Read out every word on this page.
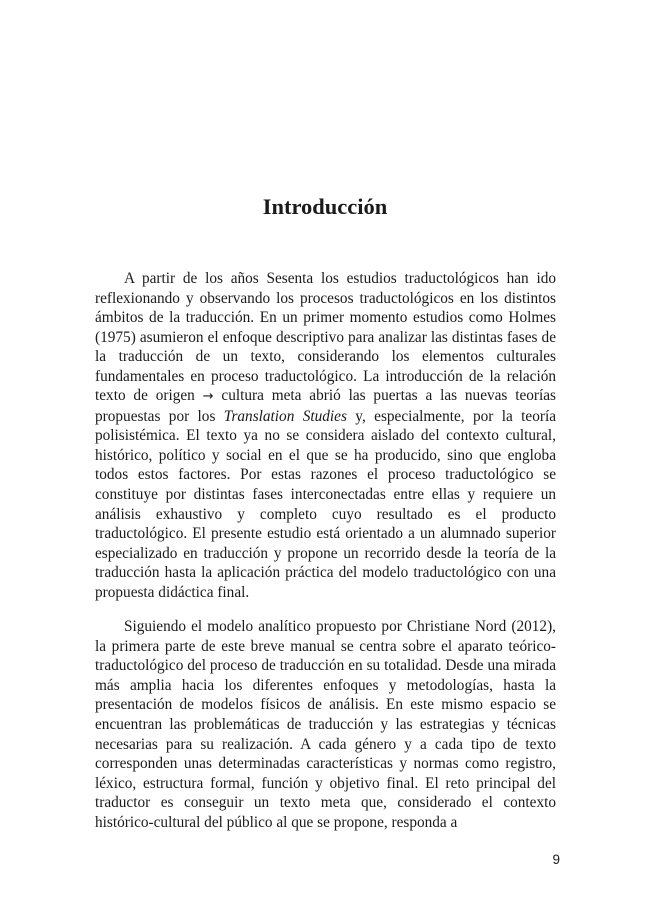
Introducción

A partir de los años Sesenta los estudios traductológicos han ido reflexionando y observando los procesos traductológicos en los distintos ámbitos de la traducción. En un primer momento estudios como Holmes (1975) asumieron el enfoque descriptivo para analizar las distintas fases de la traducción de un texto, considerando los elementos culturales fundamentales en proceso traductológico. La introducción de la relación texto de origen → cultura meta abrió las puertas a las nuevas teorías propuestas por los Translation Studies y, especialmente, por la teoría polisistémica. El texto ya no se considera aislado del contexto cultural, histórico, político y social en el que se ha producido, sino que engloba todos estos factores. Por estas razones el proceso traductológico se constituye por distintas fases interconectadas entre ellas y requiere un análisis exhaustivo y completo cuyo resultado es el producto traductológico. El presente estudio está orientado a un alumnado superior especializado en traducción y propone un recorrido desde la teoría de la traducción hasta la aplicación práctica del modelo traductológico con una propuesta didáctica final.

Siguiendo el modelo analítico propuesto por Christiane Nord (2012), la primera parte de este breve manual se centra sobre el aparato teórico-traductológico del proceso de traducción en su totalidad. Desde una mirada más amplia hacia los diferentes enfoques y metodologías, hasta la presentación de modelos físicos de análisis. En este mismo espacio se encuentran las problemáticas de traducción y las estrategias y técnicas necesarias para su realización. A cada género y a cada tipo de texto corresponden unas determinadas características y normas como registro, léxico, estructura formal, función y objetivo final. El reto principal del traductor es conseguir un texto meta que, considerado el contexto histórico-cultural del público al que se propone, responda a

9
